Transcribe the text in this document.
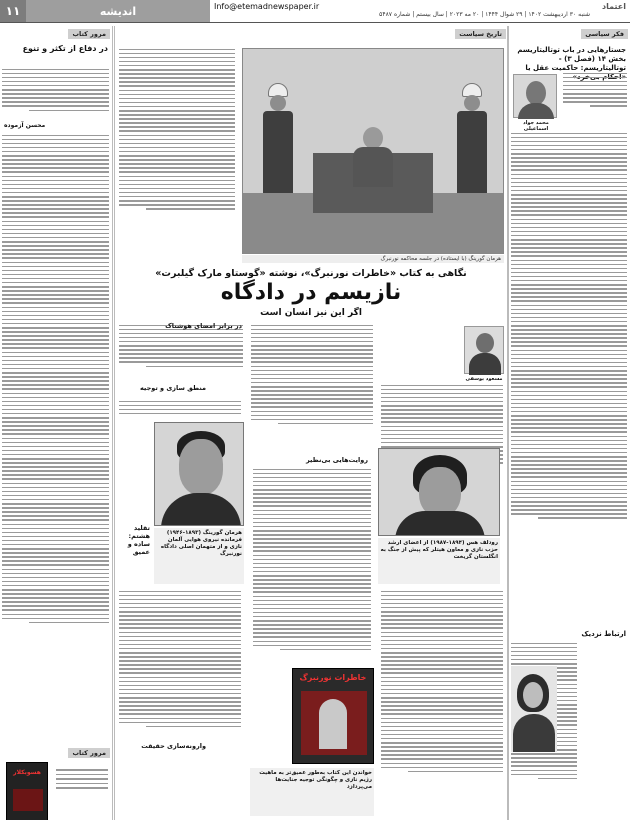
۱۱	اندیشه	Info@etemadnewspaper.ir
شنبه ۳۰ اردیبهشت ۱۴۰۲ | ۲۹ شوال ۱۴۴۴ | ۲۰ مه ۲۰۲۳ | سال بیستم | شماره ۵۴۸۷
اعتماد
فکر سیاسی
جستارهایی در باب توتالیتاریسم بخش ۱۴ (فصل ۳) - توتالیتاریسم: حاکمیت عقل یا
محمد جواد اسماعیلی
ارتباط نزدیک
مرور کتاب
در دفاع از تکثر و تنوع
محسن آزموده
مرور کتاب
هسوبکلار
تاریخ سیاست
هرمان گورینگ (با ایستاده) در جلسه محاکمه نورنبرگ
نگاهی به کتاب «خاطرات نورنبرگ»، نوشته «گوستاو مارک گیلبرت»
نازیسم در دادگاه
اگر این نیز انسان است
مسعود یوسفی
منطق سازی و توجیه
رودلف هس (۱۸۹۴-۱۹۸۷) از اعضای ارشد حزب نازی و معاون هیتلر که پیش از جنگ به انگلستان گریخت
روایت‌هایی بی‌نظیر
هرمان گورینگ (۱۸۹۳-۱۹۴۶) فرمانده نیروی هوایی آلمان نازی و از متهمان اصلی دادگاه نورنبرگ
تقلید هشتم: ساده و عمیق
وارونه‌سازی حقیقت
خاطرات نورنبرگ
خواندن این کتاب به‌طور عمیق‌تر به ماهیت رژیم نازی و چگونگی توجیه جنایت‌ها می‌پردازد
در برابر امضای هوشناک
